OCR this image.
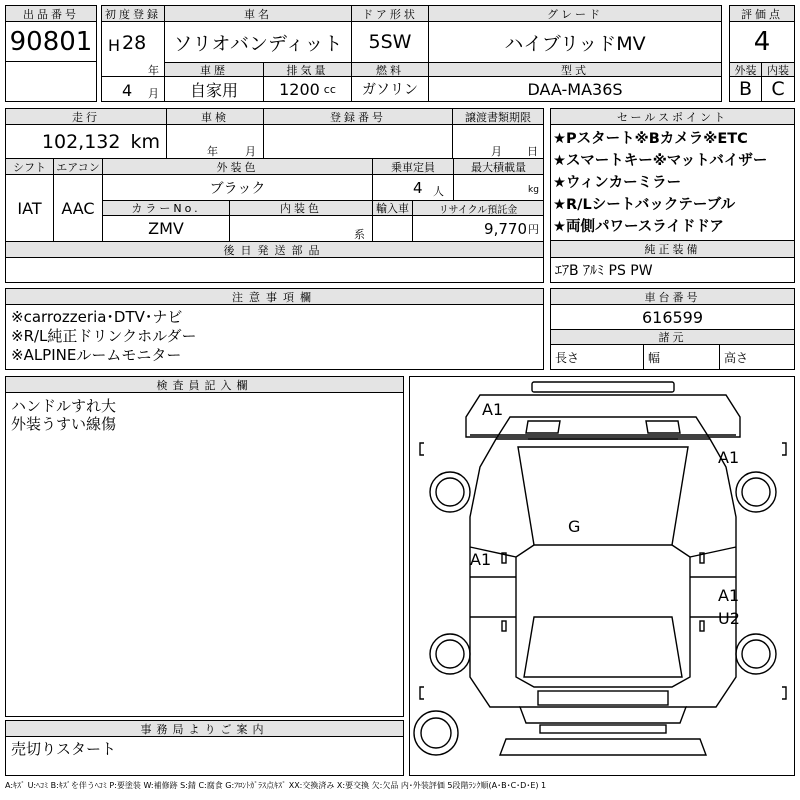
出品番号
90801
初度登録
H 28
年
4 月
車名
ソリオバンディット
ドア形状
5SW
グレード
ハイブリッドMV
評価点
4
車歴
自家用
排気量
1200 cc
燃料
ガソリン
型式
DAA-MA36S
外装 内装
B	C
走行
102,132 km
車検
年 月
登録番号	譲渡書類期限
月 日
シフト
IAT
エアコン
AAC
外装色
ブラック
乗車定員
4 人
最大積載量
kg
カラーNo.
ZMV
内装色
系
輸入車	リサイクル預託金
9,770 円
後日発送部品
セールスポイント
★Pスタート※Bカメラ※ETC
★スマートキー※マットバイザー
★ウィンカーミラー
★R/Lシートバックテーブル
★両側パワースライドドア
純正装備
ｴｱB ｱﾙﾐ PS PW
注意事項欄
※carrozzeria･DTV･ナビ
※R/L純正ドリンクホルダー
※ALPINEルームモニター
車台番号
616599
諸元
長さ	幅	高さ
検査員記入欄
ハンドルすれ大
外装うすい線傷
事務局よりご案内
売切りスタート
A1
A1
G
A1
A1
U2
A:ｷｽﾞ U:ﾍｺﾐ B:ｷｽﾞを伴うﾍｺﾐ P:要塗装 W:補修跡 S:錆 C:腐食 G:ﾌﾛﾝﾄｶﾞﾗｽ点ｷｽﾞ XX:交換済み X:要交換 欠:欠品 内･外装評価 5段階ﾗﾝｸ順(A･B･C･D･E) 1
